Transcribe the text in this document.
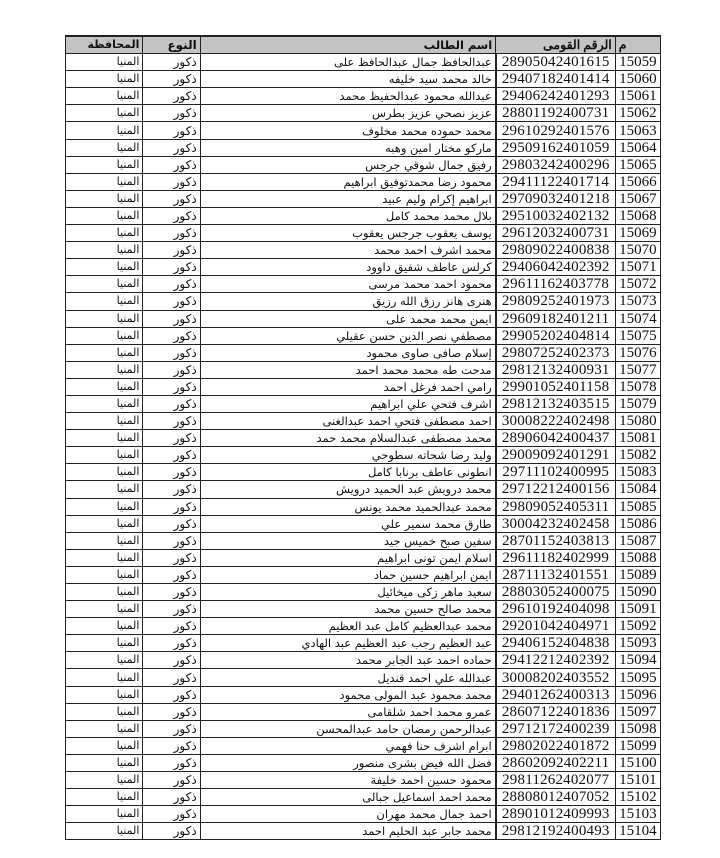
م	الرقم القومى	اسم الطالب	النوع	المحافظة
15059	28905042401615	عبدالحافظ جمال عبدالحافظ على	ذكور	المنيا
15060	29407182401414	خالد محمد سيد خليفه	ذكور	المنيا
15061	29406242401293	عبدالله محمود عبدالحفيظ محمد	ذكور	المنيا
15062	28801192400731	عزيز نصحي عزيز بطرس	ذكور	المنيا
15063	29610292401576	محمد حموده محمد مخلوف	ذكور	المنيا
15064	29509162401059	ماركو مختار امين وهبه	ذكور	المنيا
15065	29803242400296	رفيق جمال شوقي جرجس	ذكور	المنيا
15066	29411122401714	محمود رضا محمدتوفيق ابراهيم	ذكور	المنيا
15067	29709032401218	ابراهيم إكرام وليم عبيد	ذكور	المنيا
15068	29510032402132	بلال محمد محمد كامل	ذكور	المنيا
15069	29612032400731	يوسف يعقوب جرجس يعقوب	ذكور	المنيا
15070	29809022400838	محمد اشرف احمد محمد	ذكور	المنيا
15071	29406042402392	كرلس عاطف شفيق داوود	ذكور	المنيا
15072	29611162403778	محمود احمد محمد مرسى	ذكور	المنيا
15073	29809252401973	هنرى هانز رزق الله رزيق	ذكور	المنيا
15074	29609182401211	ايمن محمد محمد على	ذكور	المنيا
15075	29905202404814	مصطفي نصر الدين حسن عقيلي	ذكور	المنيا
15076	29807252402373	إسلام صافى صاوى محمود	ذكور	المنيا
15077	29812132400931	مدحت طه محمد محمد احمد	ذكور	المنيا
15078	29901052401158	رامي احمد فرغل احمد	ذكور	المنيا
15079	29812132403515	اشرف فتحي علي ابراهيم	ذكور	المنيا
15080	30008222402498	احمد مصطفى فتحي احمد عبدالغنى	ذكور	المنيا
15081	28906042400437	محمد مصطفى عبدالسلام محمد حمد	ذكور	المنيا
15082	29009092401291	وليد رضا شحاته سطوحي	ذكور	المنيا
15083	29711102400995	انطونى عاطف برنابا كامل	ذكور	المنيا
15084	29712212400156	محمد درويش عبد الحميد درويش	ذكور	المنيا
15085	29809052405311	محمد عبدالحميد محمد يونس	ذكور	المنيا
15086	30004232402458	طارق محمد سمير علي	ذكور	المنيا
15087	28701152403813	سفين صبح خميس جيد	ذكور	المنيا
15088	29611182402999	اسلام ايمن تونى ابراهيم	ذكور	المنيا
15089	28711132401551	ايمن ابراهيم حسين حماد	ذكور	المنيا
15090	28803052400075	سعيد ماهر زكى ميخائيل	ذكور	المنيا
15091	29610192404098	محمد صالح حسين محمد	ذكور	المنيا
15092	29201042404971	محمد عبدالعظيم كامل عبد العظيم	ذكور	المنيا
15093	29406152404838	عبد العظيم رجب عبد العظيم عبد الهادي	ذكور	المنيا
15094	29412212402392	حماده احمد عبد الجابر محمد	ذكور	المنيا
15095	30008202403552	عبدالله علي احمد قنديل	ذكور	المنيا
15096	29401262400313	محمد محمود عبد المولى محمود	ذكور	المنيا
15097	28607122401836	عمرو محمد احمد شلقامى	ذكور	المنيا
15098	29712172400239	عبدالرحمن رمضان حامد عبدالمحسن	ذكور	المنيا
15099	29802022401872	ابرام اشرف حنا فهمي	ذكور	المنيا
15100	28602092402211	فضل الله فيض بشرى منصور	ذكور	المنيا
15101	29811262402077	محمود حسين احمد خليفة	ذكور	المنيا
15102	28808012407052	محمد احمد اسماعيل جبالى	ذكور	المنيا
15103	28901012409993	احمد جمال محمد مهران	ذكور	المنيا
15104	29812192400493	محمد جابر عبد الحليم احمد	ذكور	المنيا
